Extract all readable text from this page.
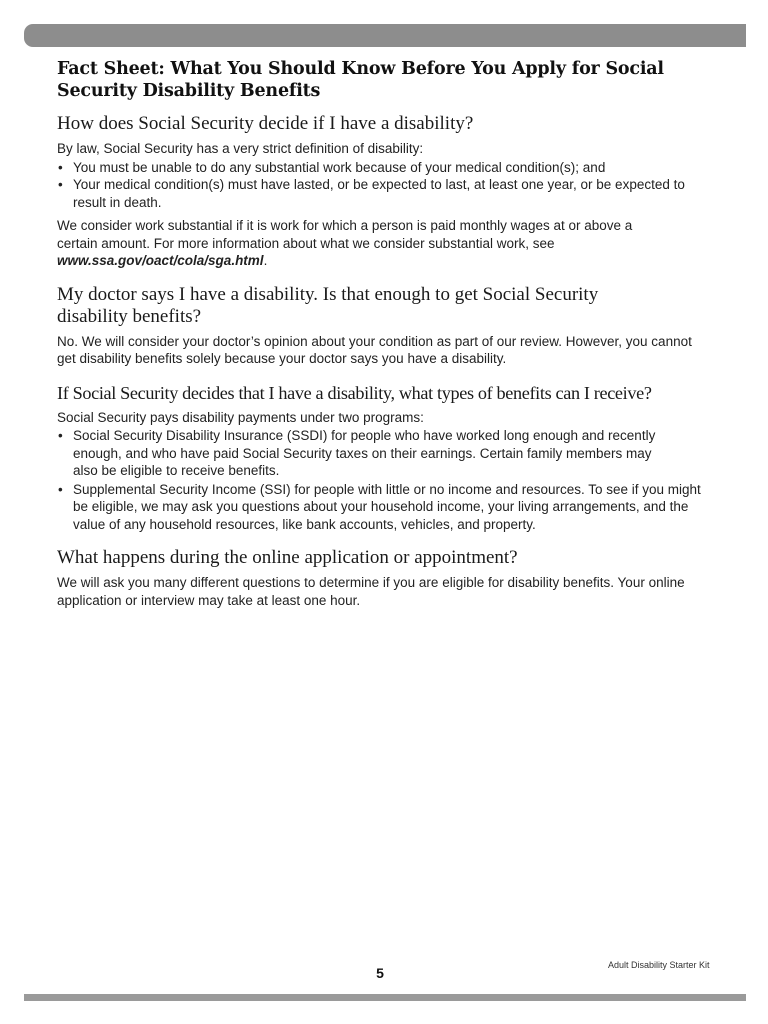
Fact Sheet: What You Should Know Before You Apply for Social Security Disability Benefits
How does Social Security decide if I have a disability?

By law, Social Security has a very strict definition of disability:

• You must be unable to do any substantial work because of your medical condition(s); and
• Your medical condition(s) must have lasted, or be expected to last, at least one year, or be expected to result in death.

We consider work substantial if it is work for which a person is paid monthly wages at or above a certain amount. For more information about what we consider substantial work, see www.ssa.gov/oact/cola/sga.html.

My doctor says I have a disability. Is that enough to get Social Security disability benefits?

No. We will consider your doctor’s opinion about your condition as part of our review. However, you cannot get disability benefits solely because your doctor says you have a disability.

If Social Security decides that I have a disability, what types of benefits can I receive?

Social Security pays disability payments under two programs:

• Social Security Disability Insurance (SSDI) for people who have worked long enough and recently enough, and who have paid Social Security taxes on their earnings. Certain family members may also be eligible to receive benefits.
• Supplemental Security Income (SSI) for people with little or no income and resources. To see if you might be eligible, we may ask you questions about your household income, your living arrangements, and the value of any household resources, like bank accounts, vehicles, and property.
What happens during the online application or appointment?

We will ask you many different questions to determine if you are eligible for disability benefits. Your online application or interview may take at least one hour.

Adult Disability Starter Kit
5
